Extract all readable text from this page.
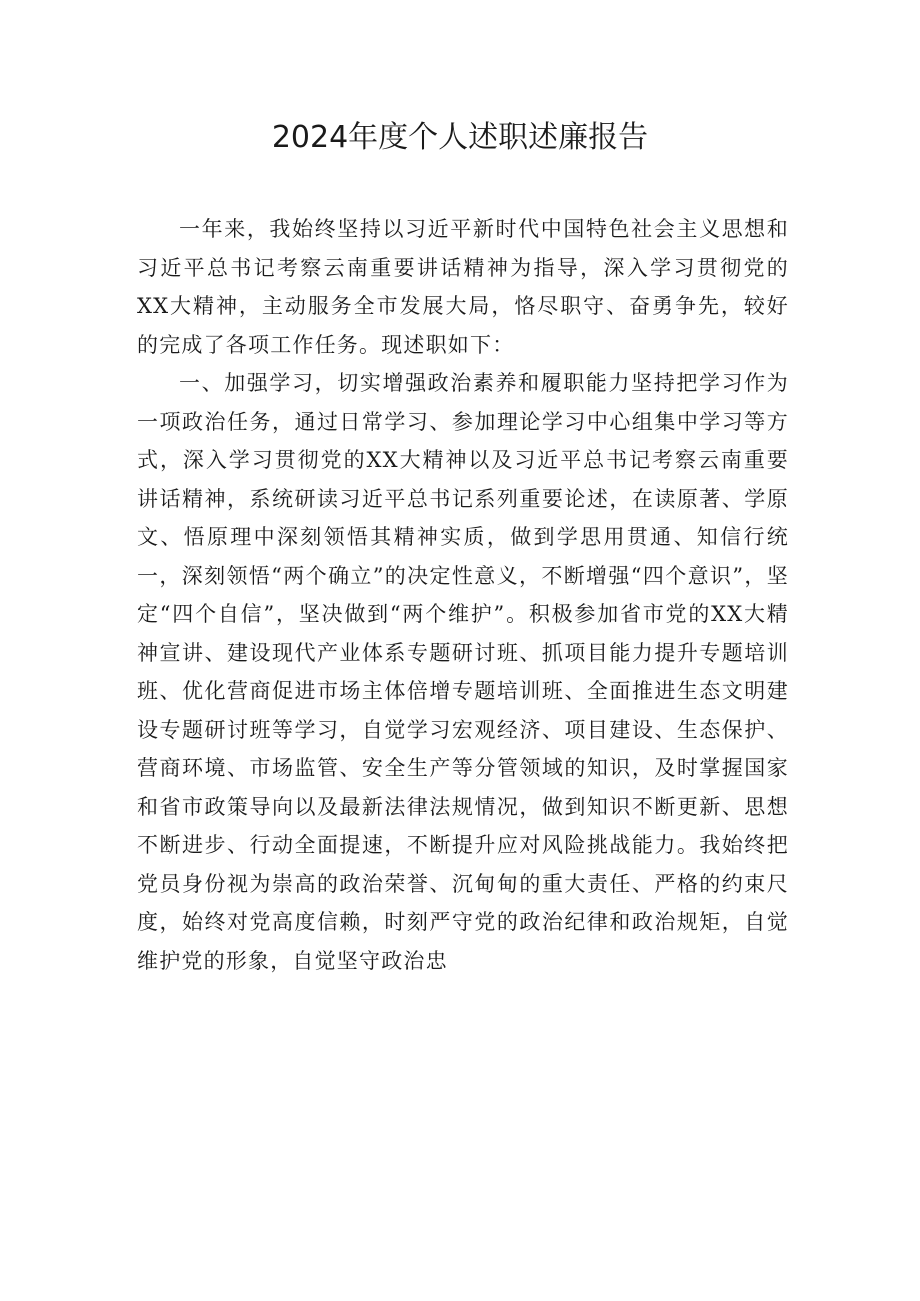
2024年度个人述职述廉报告

一年来，我始终坚持以习近平新时代中国特色社会主义思想和习近平总书记考察云南重要讲话精神为指导，深入学习贯彻党的XX大精神，主动服务全市发展大局，恪尽职守、奋勇争先，较好的完成了各项工作任务。现述职如下：

一、加强学习，切实增强政治素养和履职能力坚持把学习作为一项政治任务，通过日常学习、参加理论学习中心组集中学习等方式，深入学习贯彻党的XX大精神以及习近平总书记考察云南重要讲话精神，系统研读习近平总书记系列重要论述，在读原著、学原文、悟原理中深刻领悟其精神实质，做到学思用贯通、知信行统一，深刻领悟“两个确立”的决定性意义，不断增强“四个意识”，坚定“四个自信”，坚决做到“两个维护”。积极参加省市党的XX大精神宣讲、建设现代产业体系专题研讨班、抓项目能力提升专题培训班、优化营商促进市场主体倍增专题培训班、全面推进生态文明建设专题研讨班等学习，自觉学习宏观经济、项目建设、生态保护、营商环境、市场监管、安全生产等分管领域的知识，及时掌握国家和省市政策导向以及最新法律法规情况，做到知识不断更新、思想不断进步、行动全面提速，不断提升应对风险挑战能力。我始终把党员身份视为崇高的政治荣誉、沉甸甸的重大责任、严格的约束尺度，始终对党高度信赖，时刻严守党的政治纪律和政治规矩，自觉维护党的形象，自觉坚守政治忠
